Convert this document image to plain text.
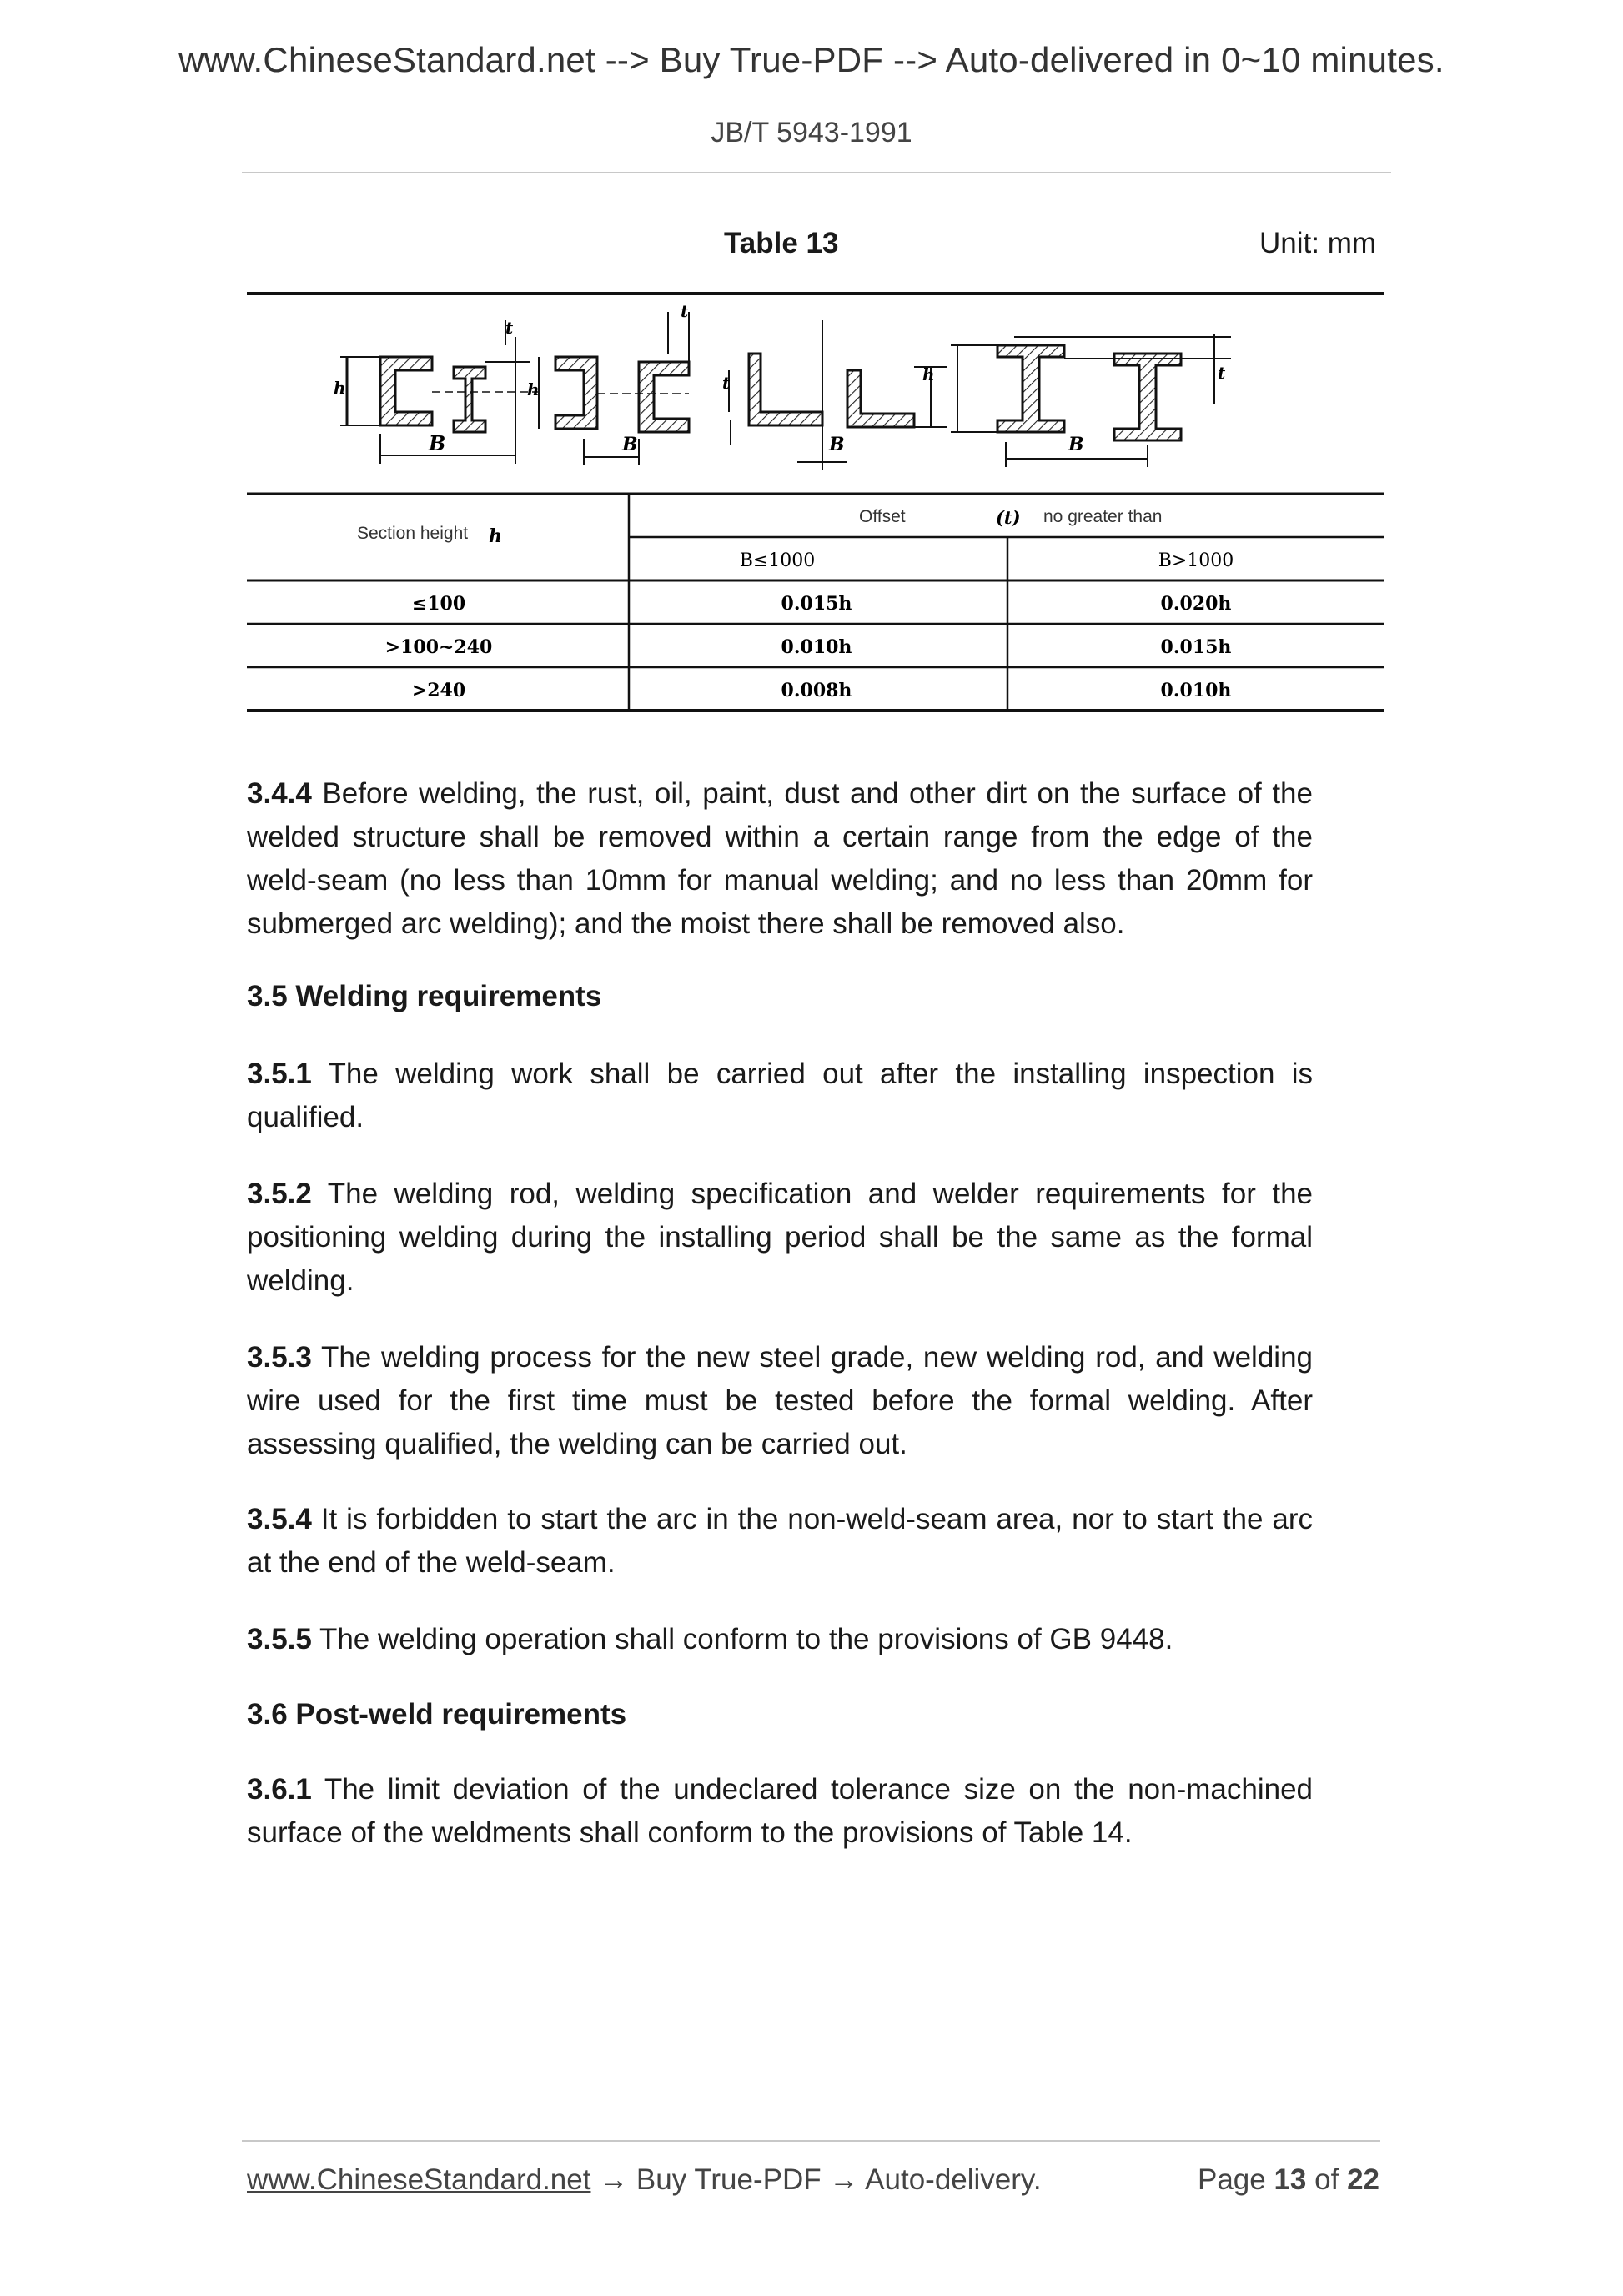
www.ChineseStandard.net --> Buy True-PDF --> Auto-delivered in 0~10 minutes.
JB/T 5943-1991
Table 13	Unit: mm
B	B	B	B
h	h
h
t
t
t	t
Section height h
Offset	(t) no greater than
B≤1000	B>1000
≤100	0.015h	0.020h
>100~240	0.010h	0.015h
>240	0.008h	0.010h
3.4.4 Before welding, the rust, oil, paint, dust and other dirt on the surface of the welded structure shall be removed within a certain range from the edge of the weld-seam (no less than 10mm for manual welding; and no less than 20mm for submerged arc welding); and the moist there shall be removed also.
3.5 Welding requirements
3.5.1 The welding work shall be carried out after the installing inspection is qualified.
3.5.2 The welding rod, welding specification and welder requirements for the positioning welding during the installing period shall be the same as the formal welding.
3.5.3 The welding process for the new steel grade, new welding rod, and welding wire used for the first time must be tested before the formal welding. After assessing qualified, the welding can be carried out.
3.5.4 It is forbidden to start the arc in the non-weld-seam area, nor to start the arc at the end of the weld-seam.
3.5.5 The welding operation shall conform to the provisions of GB 9448.
3.6 Post-weld requirements
3.6.1 The limit deviation of the undeclared tolerance size on the non-machined surface of the weldments shall conform to the provisions of Table 14.
www.ChineseStandard.net → Buy True-PDF → Auto-delivery.	Page 13 of 22
